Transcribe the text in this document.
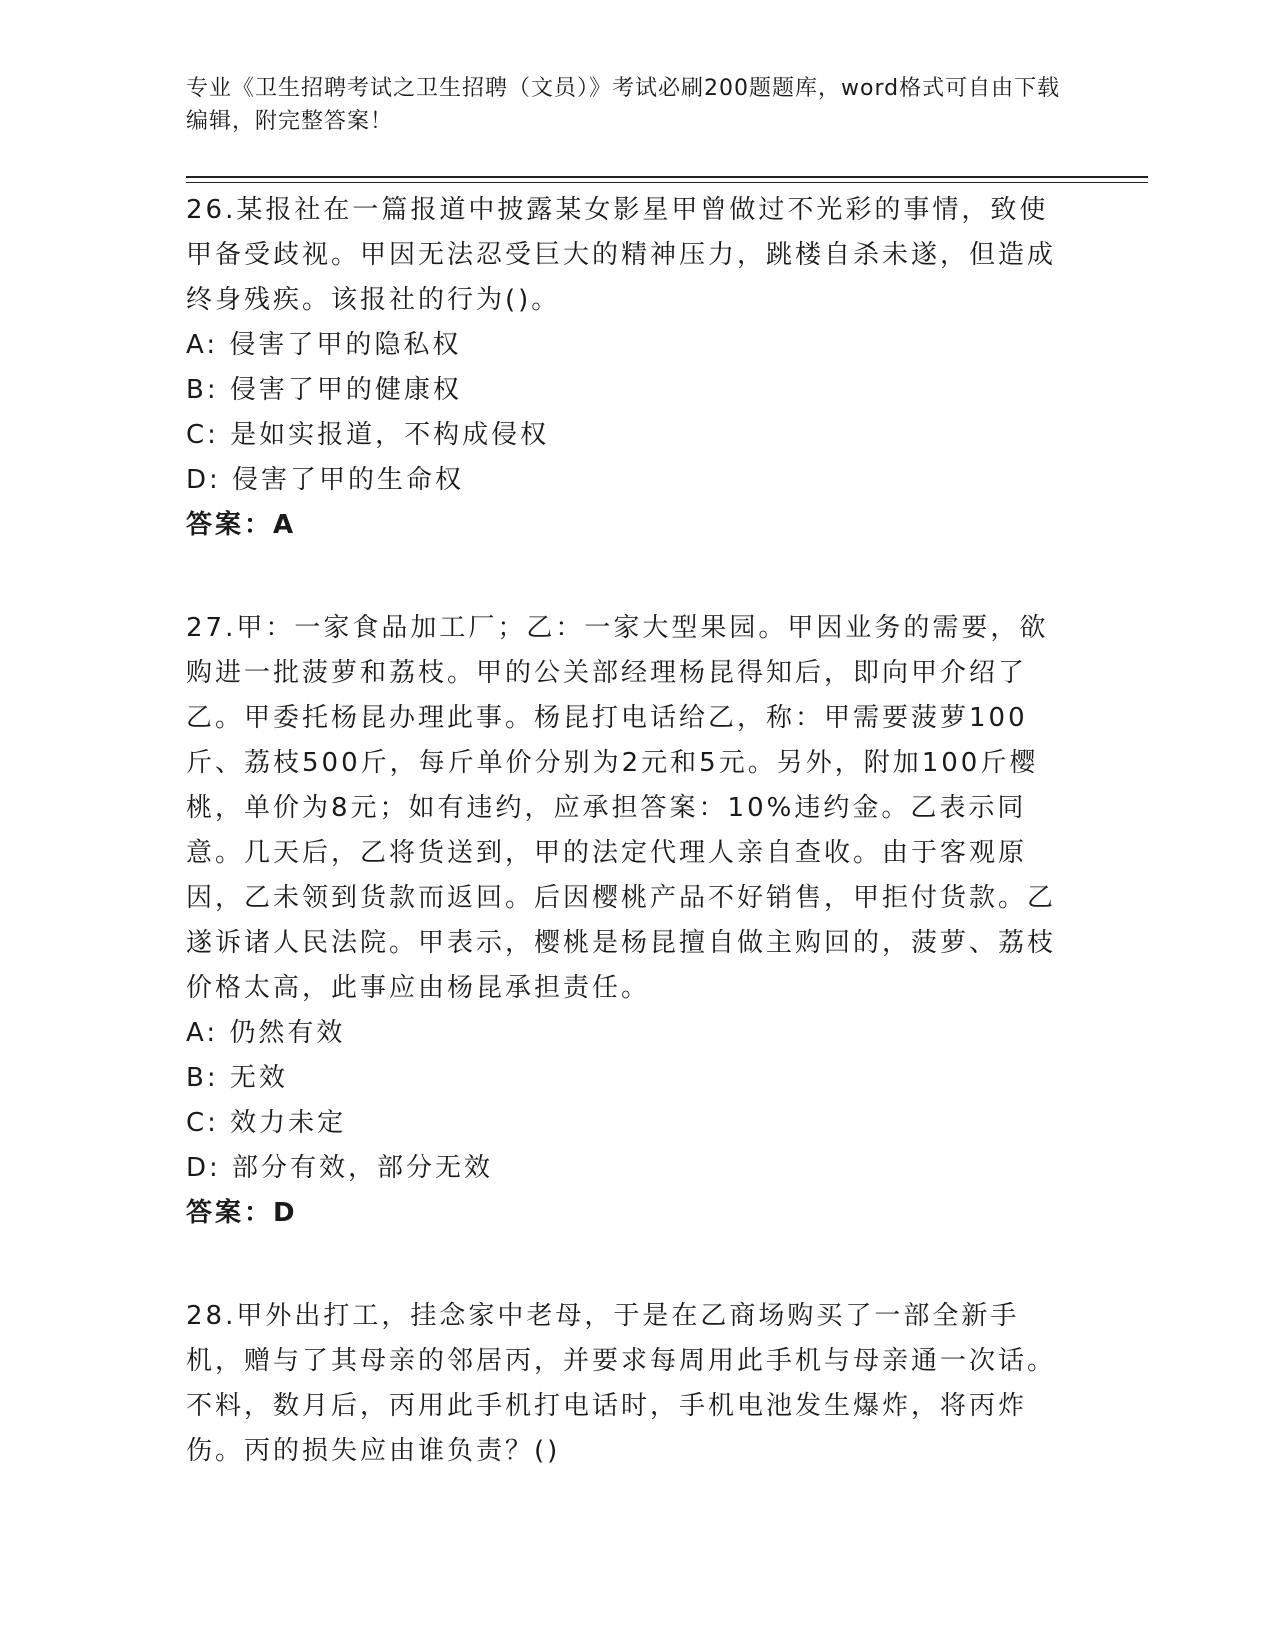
专业《卫生招聘考试之卫生招聘（文员）》考试必刷200题题库，word格式可自由下载编辑，附完整答案！

26.某报社在一篇报道中披露某女影星甲曾做过不光彩的事情，致使甲备受歧视。甲因无法忍受巨大的精神压力，跳楼自杀未遂，但造成终身残疾。该报社的行为()。

A: 侵害了甲的隐私权
B: 侵害了甲的健康权
C: 是如实报道，不构成侵权
D: 侵害了甲的生命权

答案：A

27.甲：一家食品加工厂；乙：一家大型果园。甲因业务的需要，欲购进一批菠萝和荔枝。甲的公关部经理杨昆得知后，即向甲介绍了乙。甲委托杨昆办理此事。杨昆打电话给乙，称：甲需要菠萝100斤、荔枝500斤，每斤单价分别为2元和5元。另外，附加100斤樱桃，单价为8元；如有违约，应承担答案：10%违约金。乙表示同意。几天后，乙将货送到，甲的法定代理人亲自查收。由于客观原因，乙未领到货款而返回。后因樱桃产品不好销售，甲拒付货款。乙遂诉诸人民法院。甲表示，樱桃是杨昆擅自做主购回的，菠萝、荔枝价格太高，此事应由杨昆承担责任。

A: 仍然有效
B: 无效
C: 效力未定
D: 部分有效，部分无效

答案：D

28.甲外出打工，挂念家中老母，于是在乙商场购买了一部全新手机，赠与了其母亲的邻居丙，并要求每周用此手机与母亲通一次话。不料，数月后，丙用此手机打电话时，手机电池发生爆炸，将丙炸伤。丙的损失应由谁负责？()
